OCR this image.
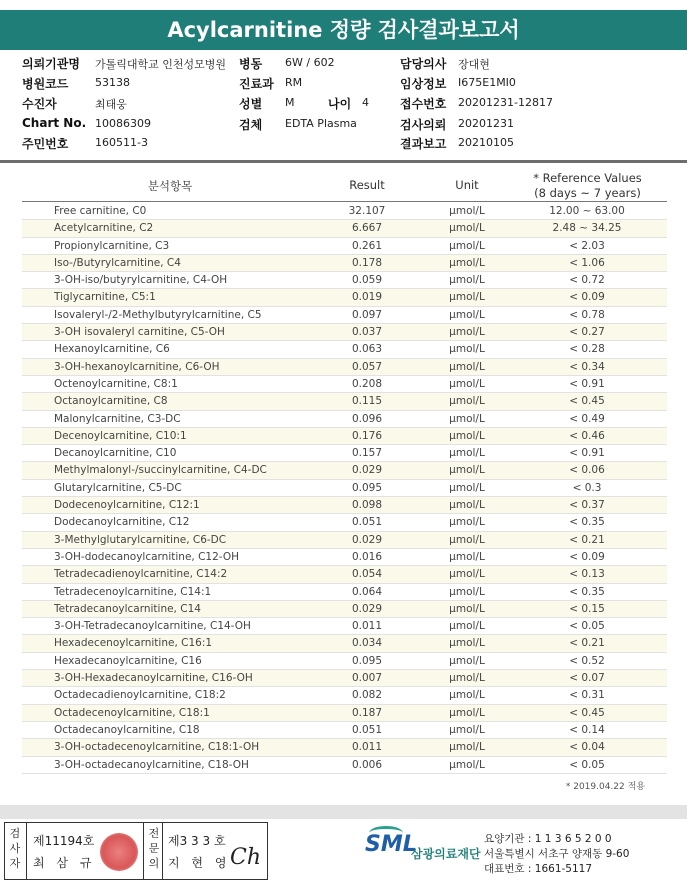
Acylcarnitine 정량 검사결과보고서
의뢰기관명 가톨릭대학교 인천성모병원 병동 6W / 602	담당의사 장대현
병원코드 53138	진료과 RM	임상정보 I675E1MI0
수진자	최태웅	성별 M	나이 4	접수번호 20201231-12817
Chart No. 10086309	검체 EDTA Plasma	검사의뢰 20201231
주민번호 160511-3	결과보고 20210105
분석항목	Result	Unit	* Reference Values
(8 days ~ 7 years)
Free carnitine, C0	32.107	μmol/L	12.00 ~ 63.00
Acetylcarnitine, C2	6.667	μmol/L	2.48 ~ 34.25
Propionylcarnitine, C3	0.261	μmol/L	< 2.03
Iso-/Butyrylcarnitine, C4	0.178	μmol/L	< 1.06
3-OH-iso/butyrylcarnitine, C4-OH	0.059	μmol/L	< 0.72
Tiglycarnitine, C5:1	0.019	μmol/L	< 0.09
Isovaleryl-/2-Methylbutyrylcarnitine, C5	0.097	μmol/L	< 0.78
3-OH isovaleryl carnitine, C5-OH	0.037	μmol/L	< 0.27
Hexanoylcarnitine, C6	0.063	μmol/L	< 0.28
3-OH-hexanoylcarnitine, C6-OH	0.057	μmol/L	< 0.34
Octenoylcarnitine, C8:1	0.208	μmol/L	< 0.91
Octanoylcarnitine, C8	0.115	μmol/L	< 0.45
Malonylcarnitine, C3-DC	0.096	μmol/L	< 0.49
Decenoylcarnitine, C10:1	0.176	μmol/L	< 0.46
Decanoylcarnitine, C10	0.157	μmol/L	< 0.91
Methylmalonyl-/succinylcarnitine, C4-DC	0.029	μmol/L	< 0.06
Glutarylcarnitine, C5-DC	0.095	μmol/L	< 0.3
Dodecenoylcarnitine, C12:1	0.098	μmol/L	< 0.37
Dodecanoylcarnitine, C12	0.051	μmol/L	< 0.35
3-Methylglutarylcarnitine, C6-DC	0.029	μmol/L	< 0.21
3-OH-dodecanoylcarnitine, C12-OH	0.016	μmol/L	< 0.09
Tetradecadienoylcarnitine, C14:2	0.054	μmol/L	< 0.13
Tetradecenoylcarnitine, C14:1	0.064	μmol/L	< 0.35
Tetradecanoylcarnitine, C14	0.029	μmol/L	< 0.15
3-OH-Tetradecanoylcarnitine, C14-OH	0.011	μmol/L	< 0.05
Hexadecenoylcarnitine, C16:1	0.034	μmol/L	< 0.21
Hexadecanoylcarnitine, C16	0.095	μmol/L	< 0.52
3-OH-Hexadecanoylcarnitine, C16-OH	0.007	μmol/L	< 0.07
Octadecadienoylcarnitine, C18:2	0.082	μmol/L	< 0.31
Octadecenoylcarnitine, C18:1	0.187	μmol/L	< 0.45
Octadecanoylcarnitine, C18	0.051	μmol/L	< 0.14
3-OH-octadecenoylcarnitine, C18:1-OH	0.011	μmol/L	< 0.04
3-OH-octadecanoylcarnitine, C18-OH	0.006	μmol/L	< 0.05
* 2019.04.22 적용
검
사
자
제11194호
최 삼 규
전
문
의
제3 3 3 호
지 현 영 Ch
SML
삼광의료재단
요양기관 : 1 1 3 6 5 2 0 0
서울특별시 서초구 양재동 9-60
대표번호 : 1661-5117
